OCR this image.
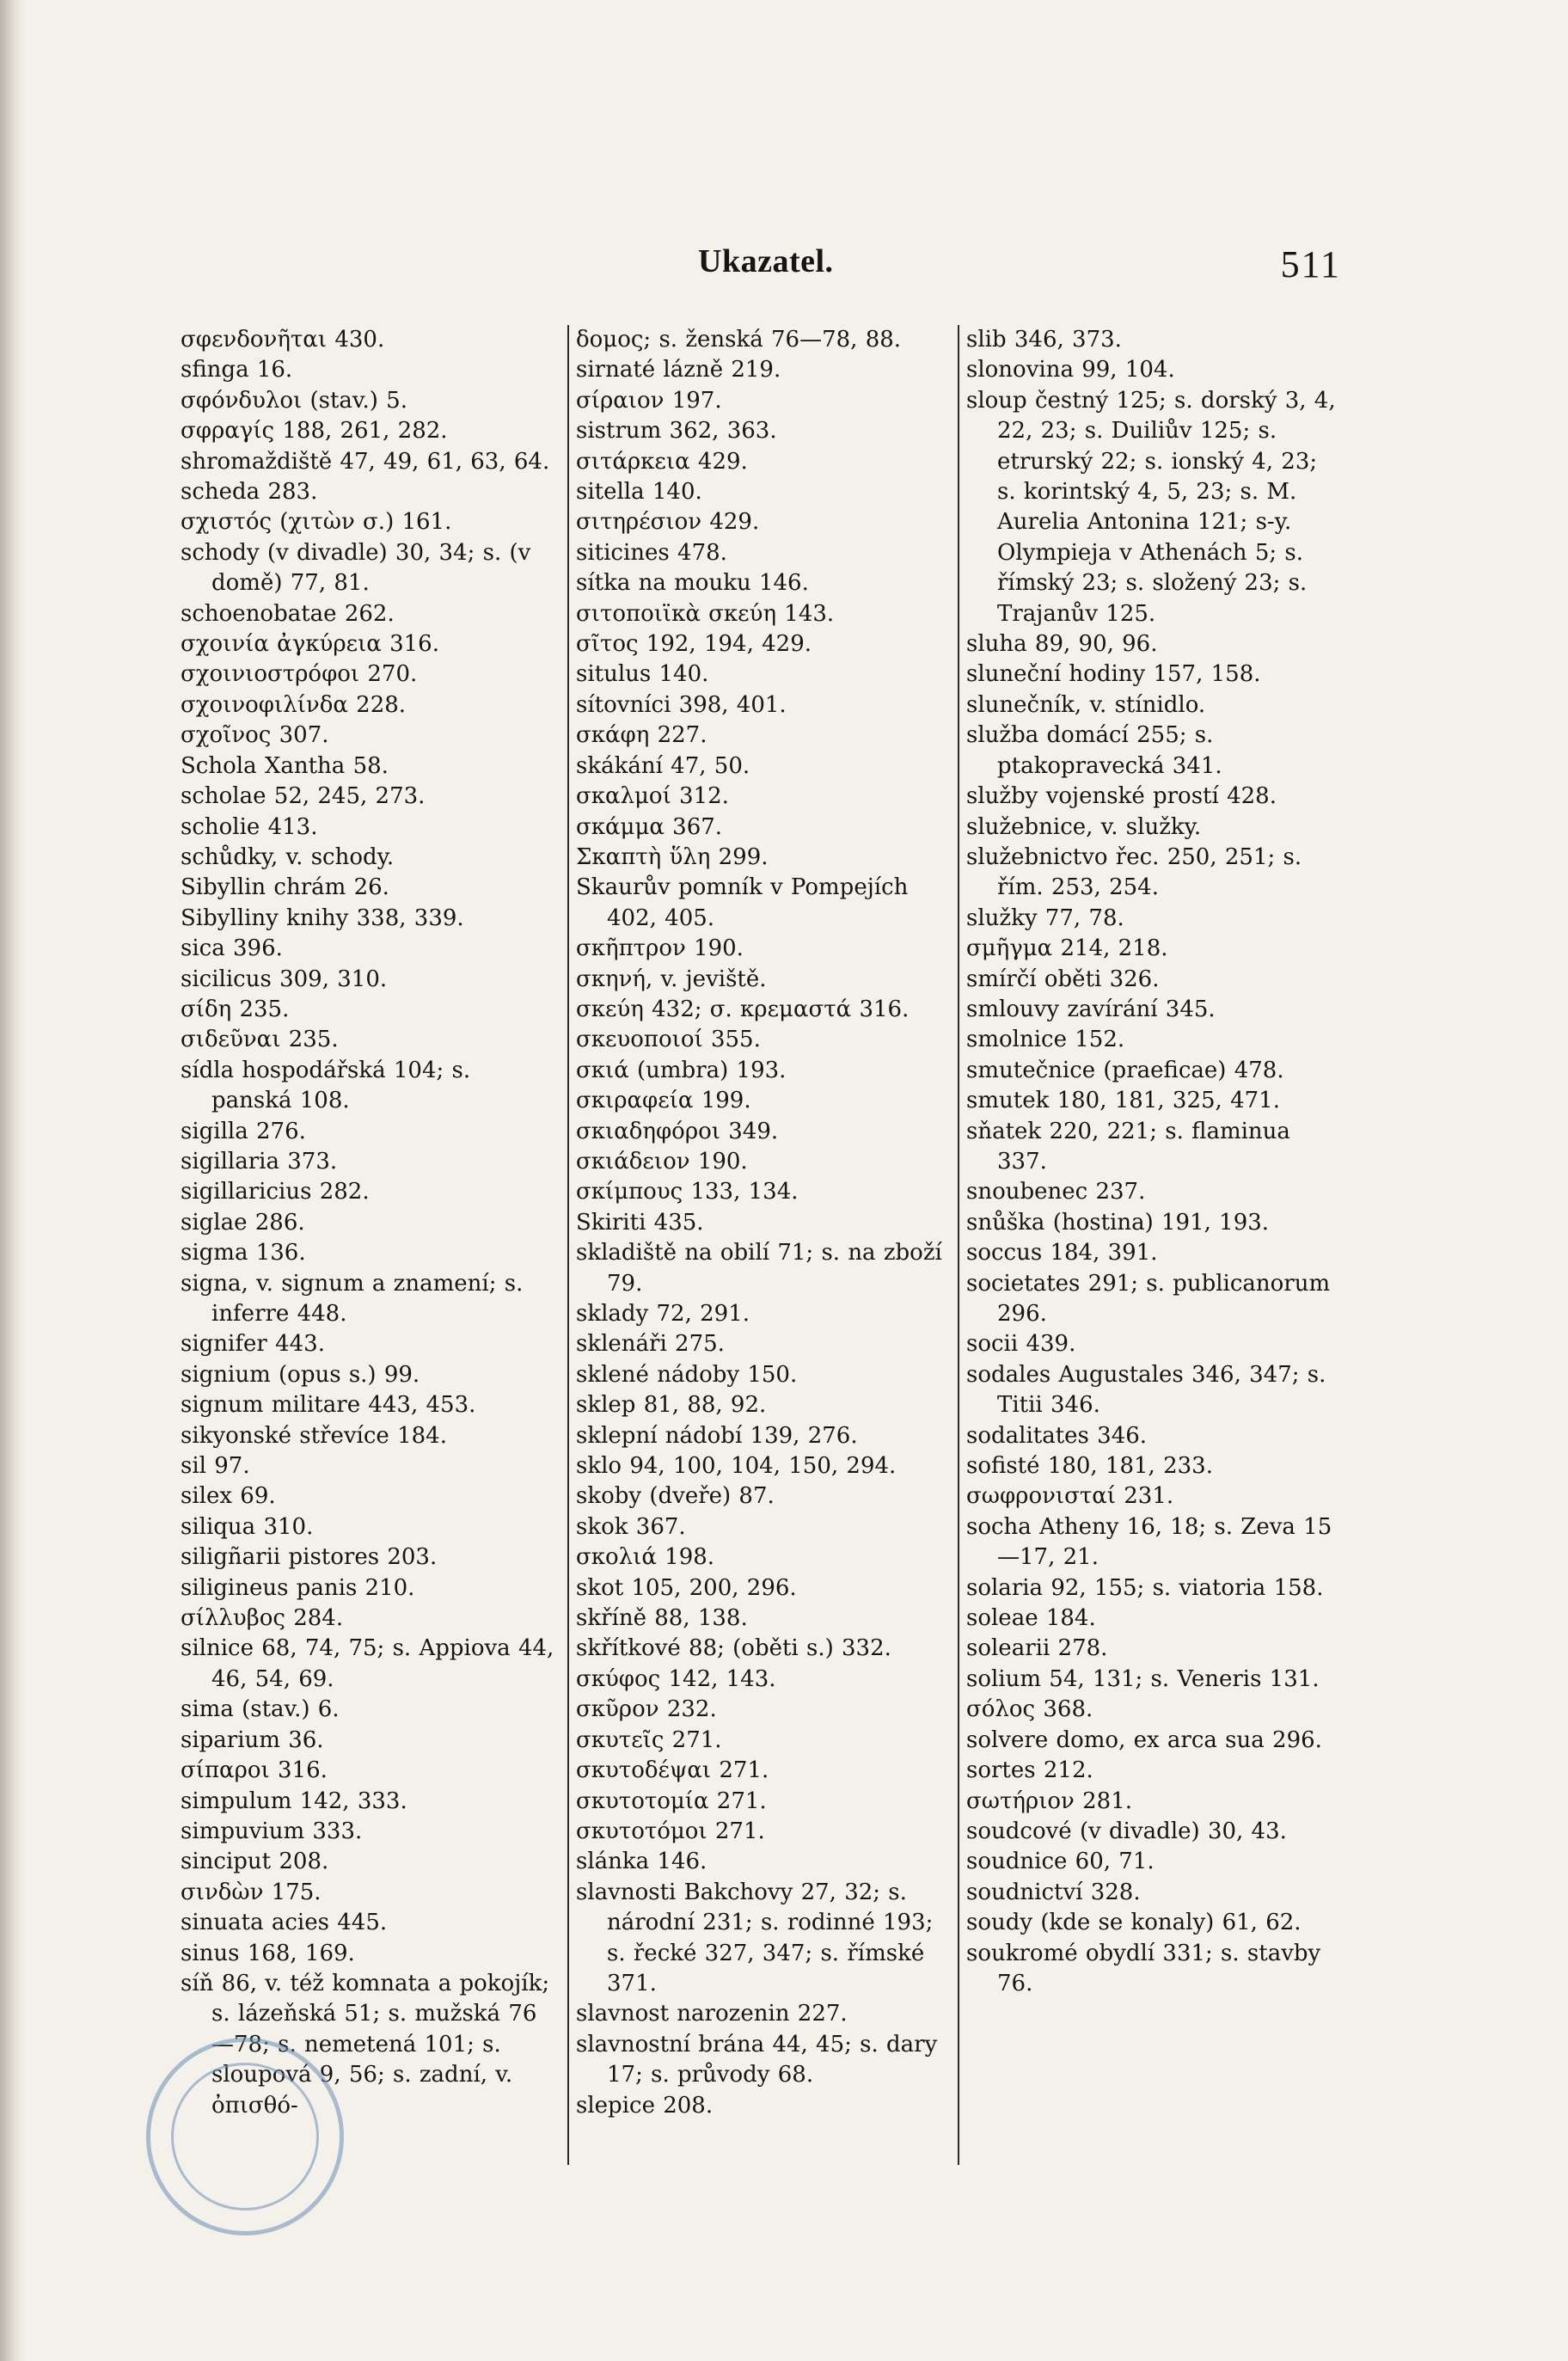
Ukazatel.	511
σφενδονῆται 430.
sfinga 16.
σφόνδυλοι (stav.) 5.
σφραγίς 188, 261, 282.
shromaždiště 47, 49, 61, 63, 64.
scheda 283.
σχιστός (χιτὼν σ.) 161.
schody (v divadle) 30, 34; s. (v domě) 77, 81.
schoenobatae 262.
σχοινία ἀγκύρεια 316.
σχοινιοστρόφοι 270.
σχοινοφιλίνδα 228.
σχοῖνος 307.
Schola Xantha 58.
scholae 52, 245, 273.
scholie 413.
schůdky, v. schody.
Sibyllin chrám 26.
Sibylliny knihy 338, 339.
sica 396.
sicilicus 309, 310.
σίδη 235.
σιδεῦναι 235.
sídla hospodářská 104; s. panská 108.
sigilla 276.
sigillaria 373.
sigillaricius 282.
siglae 286.
sigma 136.
signa, v. signum a znamení; s. inferre 448.
signifer 443.
signium (opus s.) 99.
signum militare 443, 453.
sikyonské střevíce 184.
sil 97.
silex 69.
siliqua 310.
siligñarii pistores 203.
siligineus panis 210.
σίλλυβος 284.
silnice 68, 74, 75; s. Appiova 44, 46, 54, 69.
sima (stav.) 6.
siparium 36.
σίπαροι 316.
simpulum 142, 333.
simpuvium 333.
sinciput 208.
σινδὼν 175.
sinuata acies 445.
sinus 168, 169.
síň 86, v. též komnata a pokojík; s. lázeňská 51; s. mužská 76—78; s. nemetená 101; s. sloupová 9, 56; s. zadní, v. ὀπισθό-
δομος; s. ženská 76—78, 88.
sirnaté lázně 219.
σίραιον 197.
sistrum 362, 363.
σιτάρκεια 429.
sitella 140.
σιτηρέσιον 429.
siticines 478.
sítka na mouku 146.
σιτοποιϊκὰ σκεύη 143.
σῖτος 192, 194, 429.
situlus 140.
sítovníci 398, 401.
σκάφη 227.
skákání 47, 50.
σκαλμοί 312.
σκάμμα 367.
Σκαπτὴ ὕλη 299.
Skaurův pomník v Pompejích 402, 405.
σκῆπτρον 190.
σκηνή, v. jeviště.
σκεύη 432; σ. κρεμαστά 316.
σκευοποιοί 355.
σκιά (umbra) 193.
σκιραφεία 199.
σκιαδηφόροι 349.
σκιάδειον 190.
σκίμπους 133, 134.
Skiriti 435.
skladiště na obilí 71; s. na zboží 79.
sklady 72, 291.
sklenáři 275.
sklené nádoby 150.
sklep 81, 88, 92.
sklepní nádobí 139, 276.
sklo 94, 100, 104, 150, 294.
skoby (dveře) 87.
skok 367.
σκολιά 198.
skot 105, 200, 296.
skříně 88, 138.
skřítkové 88; (oběti s.) 332.
σκύφος 142, 143.
σκῦρον 232.
σκυτεῖς 271.
σκυτοδέψαι 271.
σκυτοτομία 271.
σκυτοτόμοι 271.
slánka 146.
slavnosti Bakchovy 27, 32; s. národní 231; s. rodinné 193; s. řecké 327, 347; s. římské 371.
slavnost narozenin 227.
slavnostní brána 44, 45; s. dary 17; s. průvody 68.
slepice 208.
slib 346, 373.
slonovina 99, 104.
sloup čestný 125; s. dorský 3, 4, 22, 23; s. Duiliův 125; s. etrurský 22; s. ionský 4, 23; s. korintský 4, 5, 23; s. M. Aurelia Antonina 121; s-y. Olympieja v Athenách 5; s. římský 23; s. složený 23; s. Trajanův 125.
sluha 89, 90, 96.
sluneční hodiny 157, 158.
slunečník, v. stínidlo.
služba domácí 255; s. ptakopravecká 341.
služby vojenské prostí 428.
služebnice, v. služky.
služebnictvo řec. 250, 251; s. řím. 253, 254.
služky 77, 78.
σμῆγμα 214, 218.
smírčí oběti 326.
smlouvy zavírání 345.
smolnice 152.
smutečnice (praeficae) 478.
smutek 180, 181, 325, 471.
sňatek 220, 221; s. flaminua 337.
snoubenec 237.
snůška (hostina) 191, 193.
soccus 184, 391.
societates 291; s. publicanorum 296.
socii 439.
sodales Augustales 346, 347; s. Titii 346.
sodalitates 346.
sofisté 180, 181, 233.
σωφρονισταί 231.
socha Atheny 16, 18; s. Zeva 15—17, 21.
solaria 92, 155; s. viatoria 158.
soleae 184.
solearii 278.
solium 54, 131; s. Veneris 131.
σόλος 368.
solvere domo, ex arca sua 296.
sortes 212.
σωτήριον 281.
soudcové (v divadle) 30, 43.
soudnice 60, 71.
soudnictví 328.
soudy (kde se konaly) 61, 62.
soukromé obydlí 331; s. stavby 76.
